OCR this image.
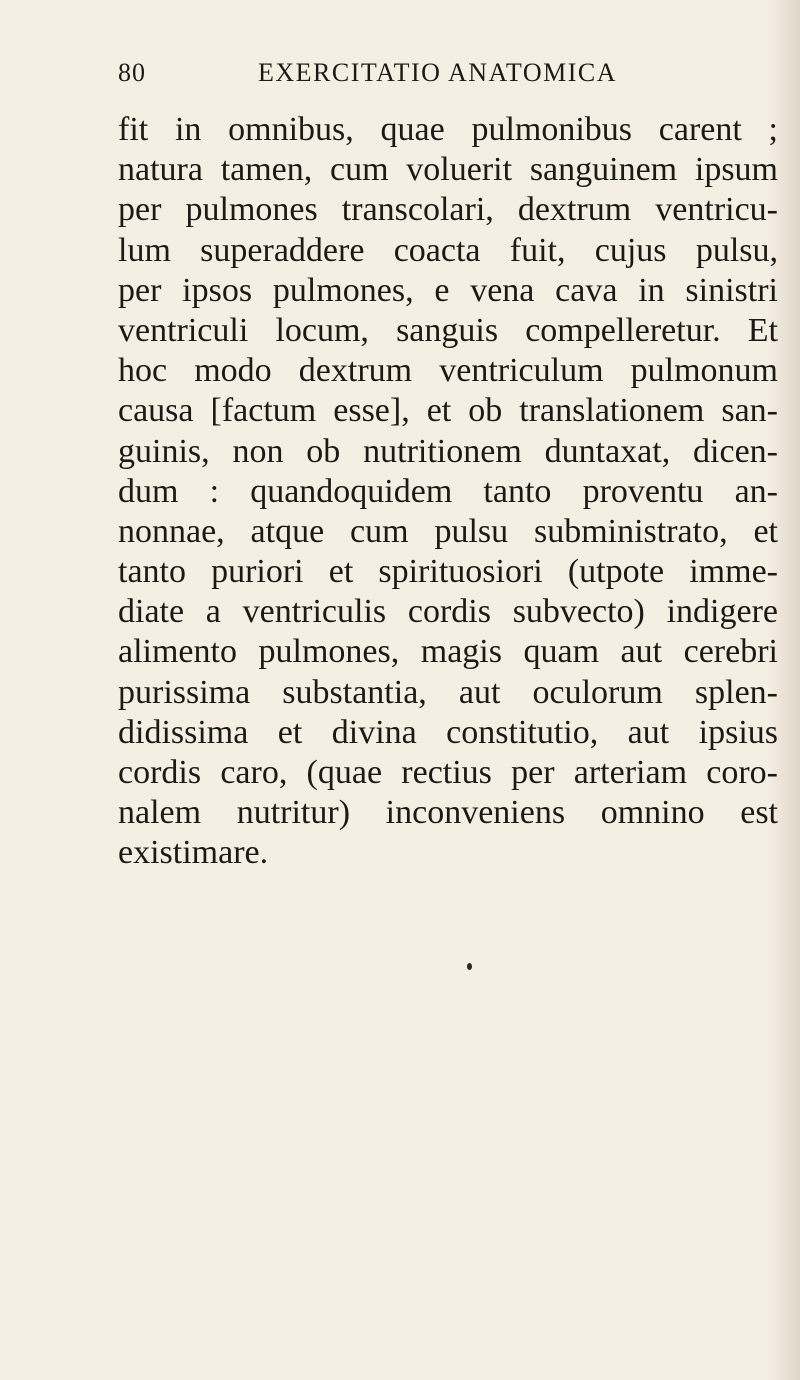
80	EXERCITATIO ANATOMICA
fit in omnibus, quae pulmonibus carent ;
natura tamen, cum voluerit sanguinem ipsum
per pulmones transcolari, dextrum ventricu-
lum superaddere coacta fuit, cujus pulsu,
per ipsos pulmones, e vena cava in sinistri
ventriculi locum, sanguis compelleretur. Et
hoc modo dextrum ventriculum pulmonum
causa [factum esse], et ob translationem san-
guinis, non ob nutritionem duntaxat, dicen-
dum : quandoquidem tanto proventu an-
nonnae, atque cum pulsu subministrato, et
tanto puriori et spirituosiori (utpote imme-
diate a ventriculis cordis subvecto) indigere
alimento pulmones, magis quam aut cerebri
purissima substantia, aut oculorum splen-
didissima et divina constitutio, aut ipsius
cordis caro, (quae rectius per arteriam coro-
nalem nutritur) inconveniens omnino est
existimare.
